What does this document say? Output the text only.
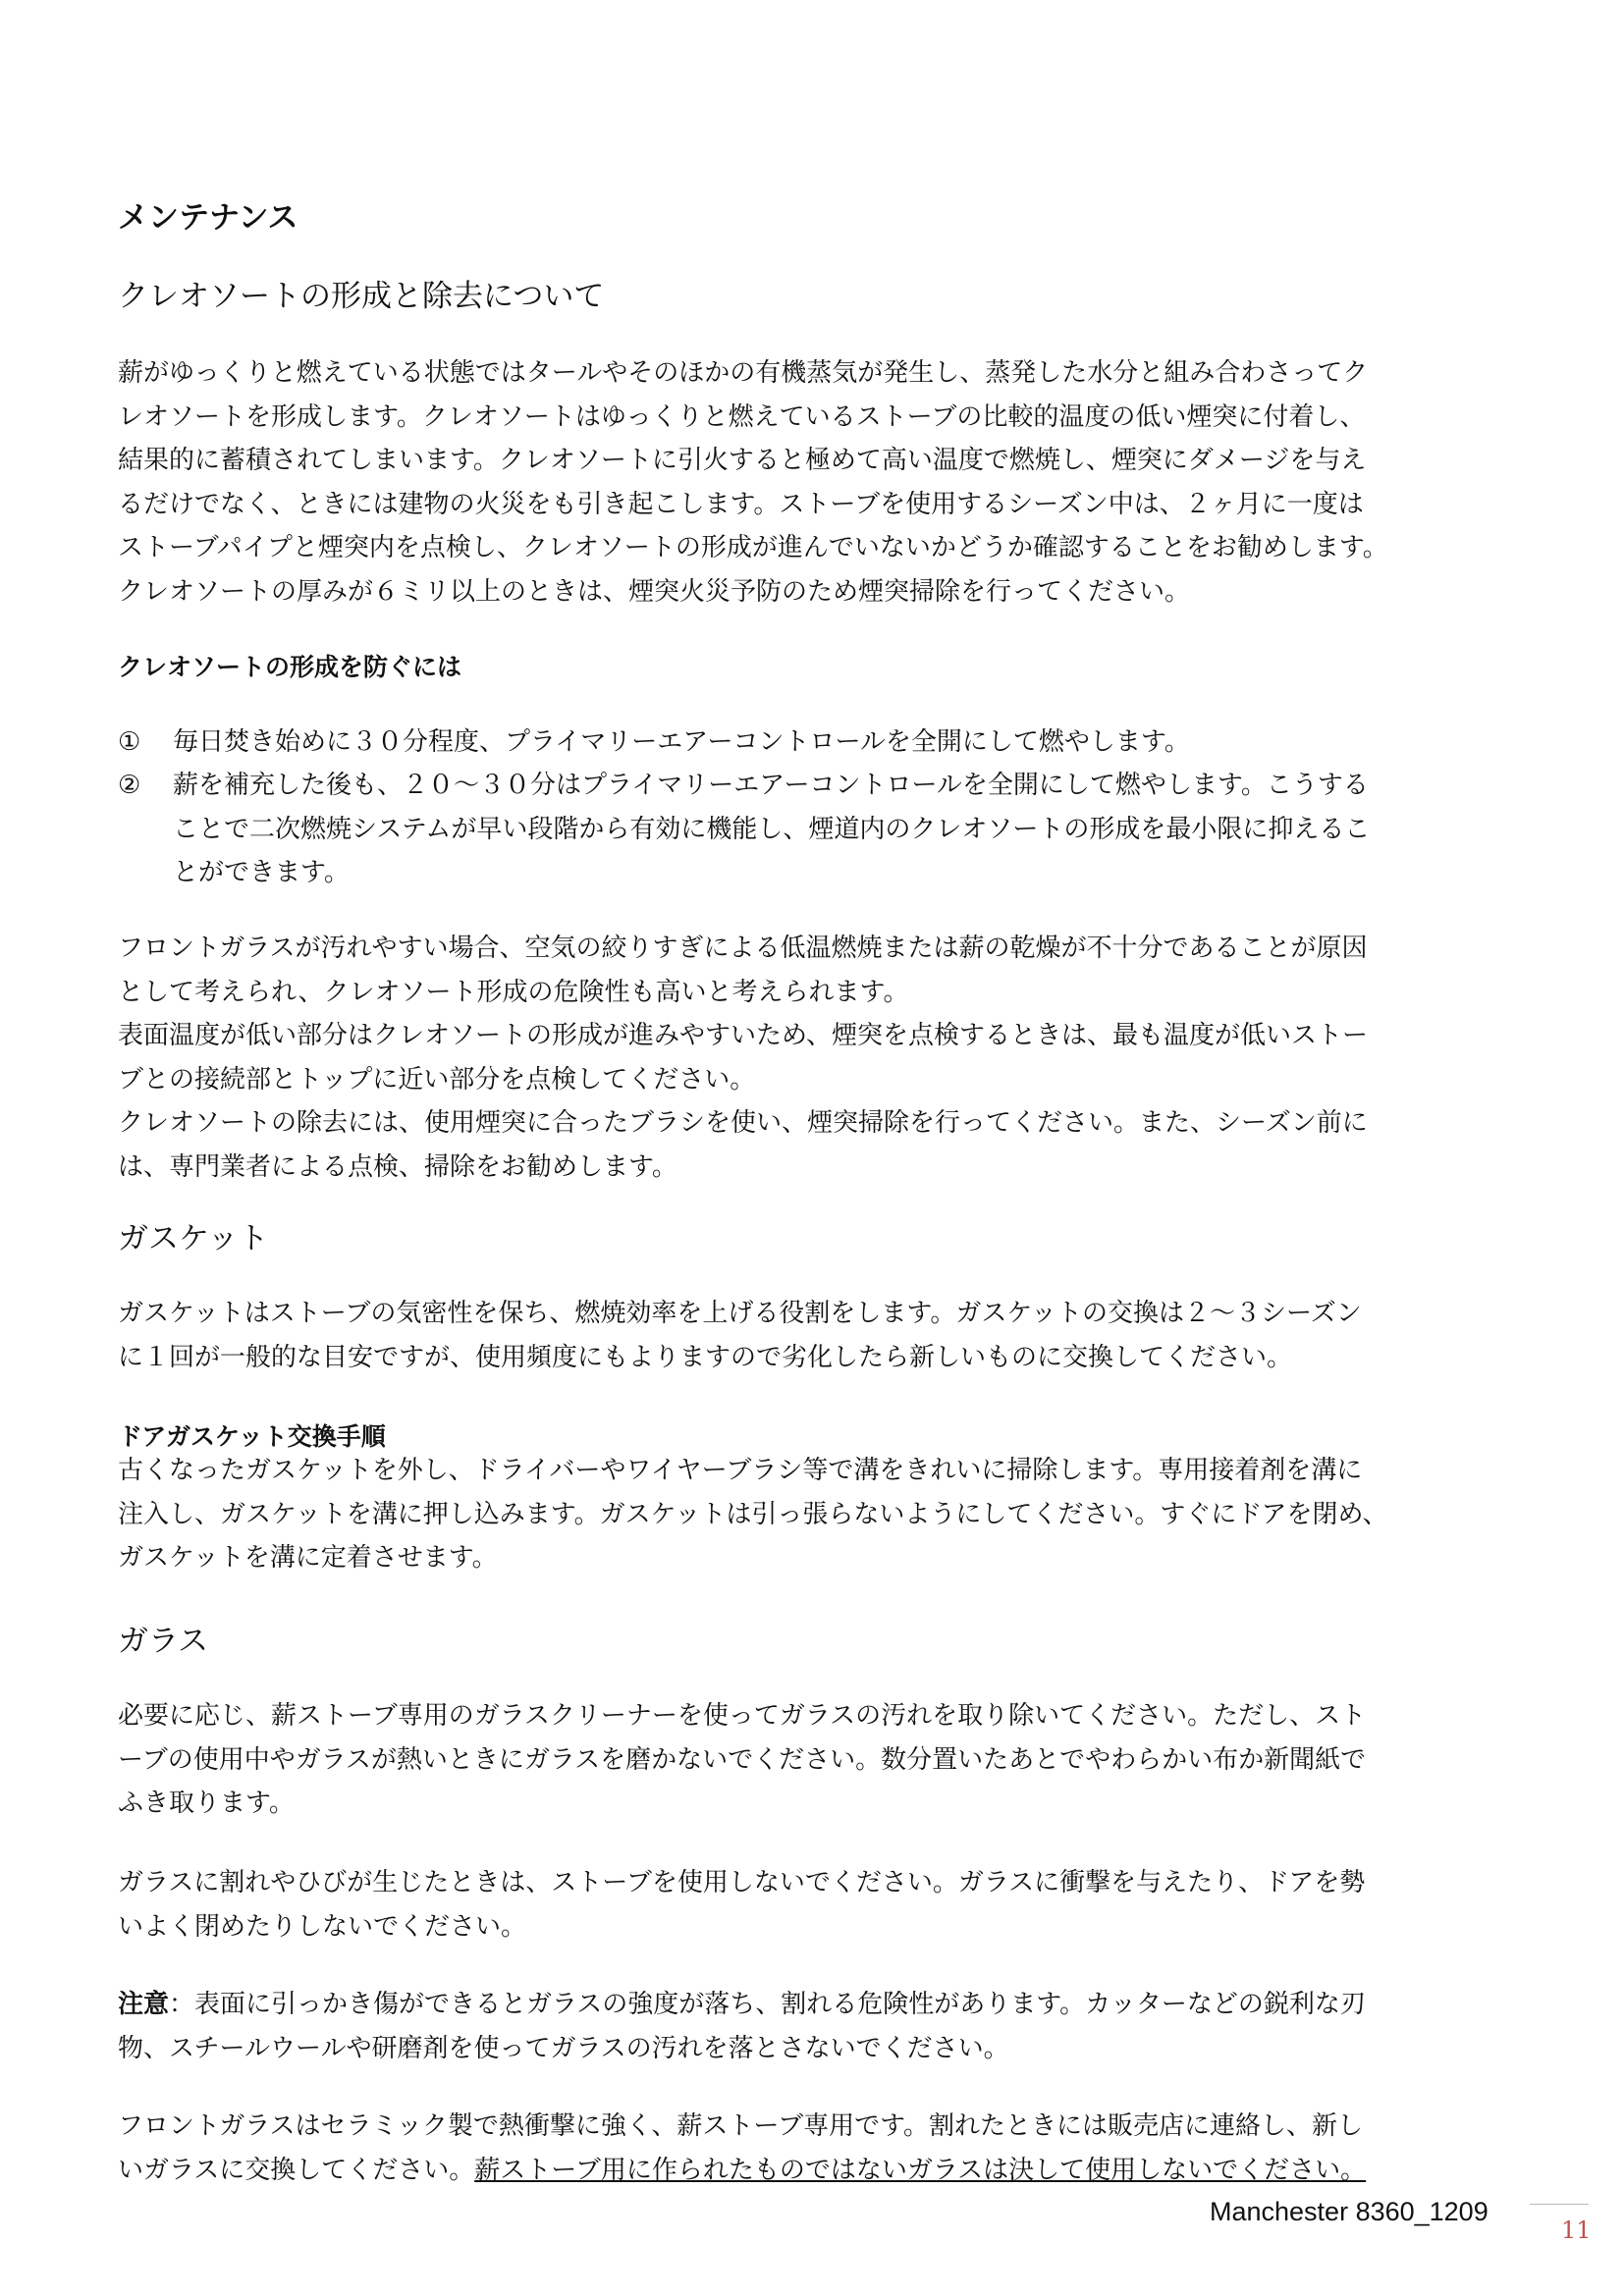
メンテナンス
クレオソートの形成と除去について
薪がゆっくりと燃えている状態ではタールやそのほかの有機蒸気が発生し、蒸発した水分と組み合わさってク
レオソートを形成します。クレオソートはゆっくりと燃えているストーブの比較的温度の低い煙突に付着し、
結果的に蓄積されてしまいます。クレオソートに引火すると極めて高い温度で燃焼し、煙突にダメージを与え
るだけでなく、ときには建物の火災をも引き起こします。ストーブを使用するシーズン中は、２ヶ月に一度は
ストーブパイプと煙突内を点検し、クレオソートの形成が進んでいないかどうか確認することをお勧めします。
クレオソートの厚みが６ミリ以上のときは、煙突火災予防のため煙突掃除を行ってください。
クレオソートの形成を防ぐには
①	毎日焚き始めに３０分程度、プライマリーエアーコントロールを全開にして燃やします。
②	薪を補充した後も、２０～３０分はプライマリーエアーコントロールを全開にして燃やします。こうする
ことで二次燃焼システムが早い段階から有効に機能し、煙道内のクレオソートの形成を最小限に抑えるこ
とができます。
フロントガラスが汚れやすい場合、空気の絞りすぎによる低温燃焼または薪の乾燥が不十分であることが原因
として考えられ、クレオソート形成の危険性も高いと考えられます。
表面温度が低い部分はクレオソートの形成が進みやすいため、煙突を点検するときは、最も温度が低いストー
ブとの接続部とトップに近い部分を点検してください。
クレオソートの除去には、使用煙突に合ったブラシを使い、煙突掃除を行ってください。また、シーズン前に
は、専門業者による点検、掃除をお勧めします。
ガスケット
ガスケットはストーブの気密性を保ち、燃焼効率を上げる役割をします。ガスケットの交換は２～３シーズン
に１回が一般的な目安ですが、使用頻度にもよりますので劣化したら新しいものに交換してください。
ドアガスケット交換手順
古くなったガスケットを外し、ドライバーやワイヤーブラシ等で溝をきれいに掃除します。専用接着剤を溝に
注入し、ガスケットを溝に押し込みます。ガスケットは引っ張らないようにしてください。すぐにドアを閉め、
ガスケットを溝に定着させます。
ガラス
必要に応じ、薪ストーブ専用のガラスクリーナーを使ってガラスの汚れを取り除いてください。ただし、スト
ーブの使用中やガラスが熱いときにガラスを磨かないでください。数分置いたあとでやわらかい布か新聞紙で
ふき取ります。
ガラスに割れやひびが生じたときは、ストーブを使用しないでください。ガラスに衝撃を与えたり、ドアを勢
いよく閉めたりしないでください。
注意：表面に引っかき傷ができるとガラスの強度が落ち、割れる危険性があります。カッターなどの鋭利な刃
物、スチールウールや研磨剤を使ってガラスの汚れを落とさないでください。
フロントガラスはセラミック製で熱衝撃に強く、薪ストーブ専用です。割れたときには販売店に連絡し、新し
いガラスに交換してください。薪ストーブ用に作られたものではないガラスは決して使用しないでください。
Manchester 8360_1209
11
